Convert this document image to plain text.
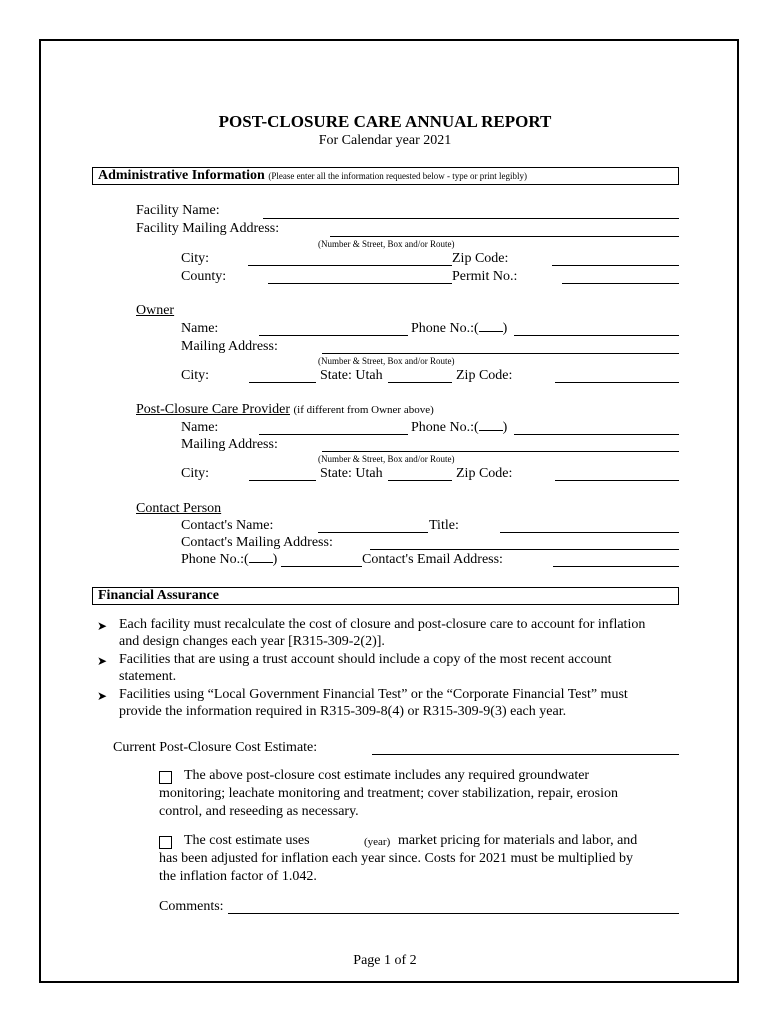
POST-CLOSURE CARE ANNUAL REPORT
For Calendar year 2021
Administrative Information (Please enter all the information requested below - type or print legibly)
Facility Name:
Facility Mailing Address:
(Number & Street, Box and/or Route)
City:	Zip Code:
County:	Permit No.:
Owner
Name:	Phone No.:( )
Mailing Address:
(Number & Street, Box and/or Route)
City:	State: Utah	Zip Code:
Post-Closure Care Provider (if different from Owner above)
Name:	Phone No.:( )
Mailing Address:
(Number & Street, Box and/or Route)
City:	State: Utah	Zip Code:
Contact Person
Contact's Name:	Title:
Contact's Mailing Address:
Phone No.:( )	Contact's Email Address:
Financial Assurance
➤ Each facility must recalculate the cost of closure and post-closure care to account for inflation
and design changes each year [R315-309-2(2)].
➤ Facilities that are using a trust account should include a copy of the most recent account
statement.
➤ Facilities using “Local Government Financial Test” or the “Corporate Financial Test” must
provide the information required in R315-309-8(4) or R315-309-9(3) each year.
Current Post-Closure Cost Estimate:
The above post-closure cost estimate includes any required groundwater
monitoring; leachate monitoring and treatment; cover stabilization, repair, erosion
control, and reseeding as necessary.
The cost estimate uses	(year) market pricing for materials and labor, and
has been adjusted for inflation each year since. Costs for 2021 must be multiplied by
the inflation factor of 1.042.
Comments:
Page 1 of 2
